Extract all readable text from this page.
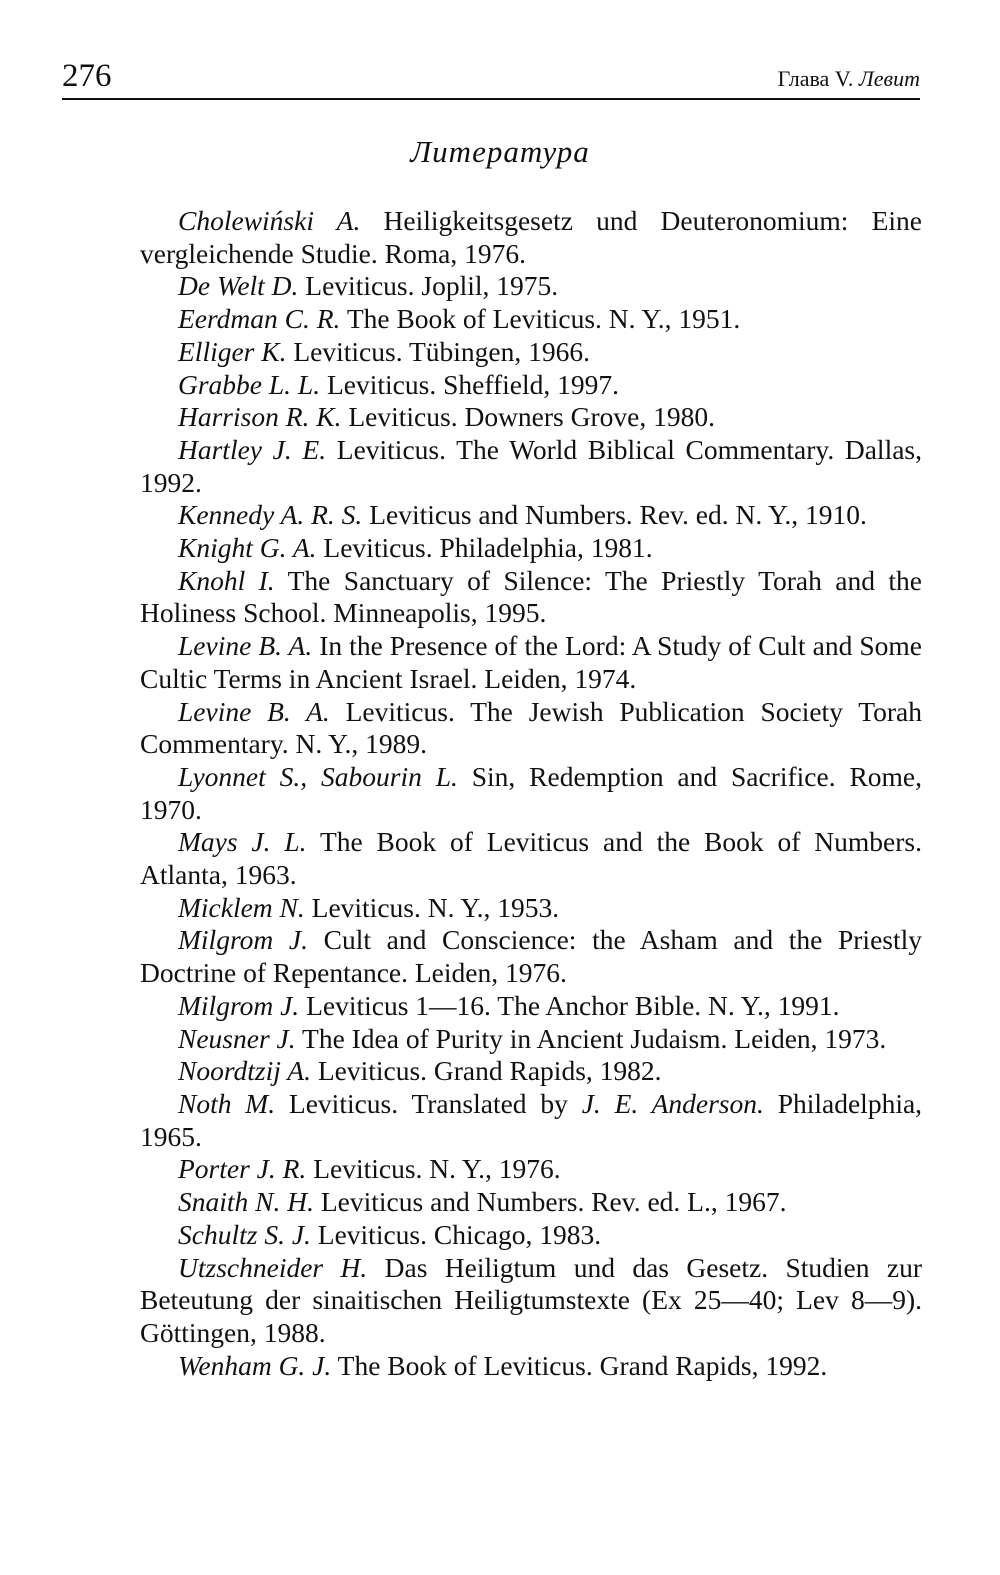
276	Глава V. Левит
Литература

Cholewiński A. Heiligkeitsgesetz und Deuteronomium: Eine vergleichende Studie. Roma, 1976.

De Welt D. Leviticus. Joplil, 1975.

Eerdman C. R. The Book of Leviticus. N. Y., 1951.

Elliger K. Leviticus. Tübingen, 1966.

Grabbe L. L. Leviticus. Sheffield, 1997.

Harrison R. K. Leviticus. Downers Grove, 1980.

Hartley J. E. Leviticus. The World Biblical Commentary. Dallas, 1992.

Kennedy A. R. S. Leviticus and Numbers. Rev. ed. N. Y., 1910.

Knight G. A. Leviticus. Philadelphia, 1981.

Knohl I. The Sanctuary of Silence: The Priestly Torah and the Holiness School. Minneapolis, 1995.

Levine B. A. In the Presence of the Lord: A Study of Cult and Some Cultic Terms in Ancient Israel. Leiden, 1974.

Levine B. A. Leviticus. The Jewish Publication Society Torah Commentary. N. Y., 1989.

Lyonnet S., Sabourin L. Sin, Redemption and Sacrifice. Rome, 1970.

Mays J. L. The Book of Leviticus and the Book of Numbers. Atlanta, 1963.

Micklem N. Leviticus. N. Y., 1953.

Milgrom J. Cult and Conscience: the Asham and the Priestly Doctrine of Repentance. Leiden, 1976.

Milgrom J. Leviticus 1—16. The Anchor Bible. N. Y., 1991.

Neusner J. The Idea of Purity in Ancient Judaism. Leiden, 1973.

Noordtzij A. Leviticus. Grand Rapids, 1982.

Noth M. Leviticus. Translated by J. E. Anderson. Philadelphia, 1965.

Porter J. R. Leviticus. N. Y., 1976.

Snaith N. H. Leviticus and Numbers. Rev. ed. L., 1967.

Schultz S. J. Leviticus. Chicago, 1983.

Utzschneider H. Das Heiligtum und das Gesetz. Studien zur Beteutung der sinaitischen Heiligtumstexte (Ex 25—40; Lev 8—9). Göttingen, 1988.

Wenham G. J. The Book of Leviticus. Grand Rapids, 1992.
